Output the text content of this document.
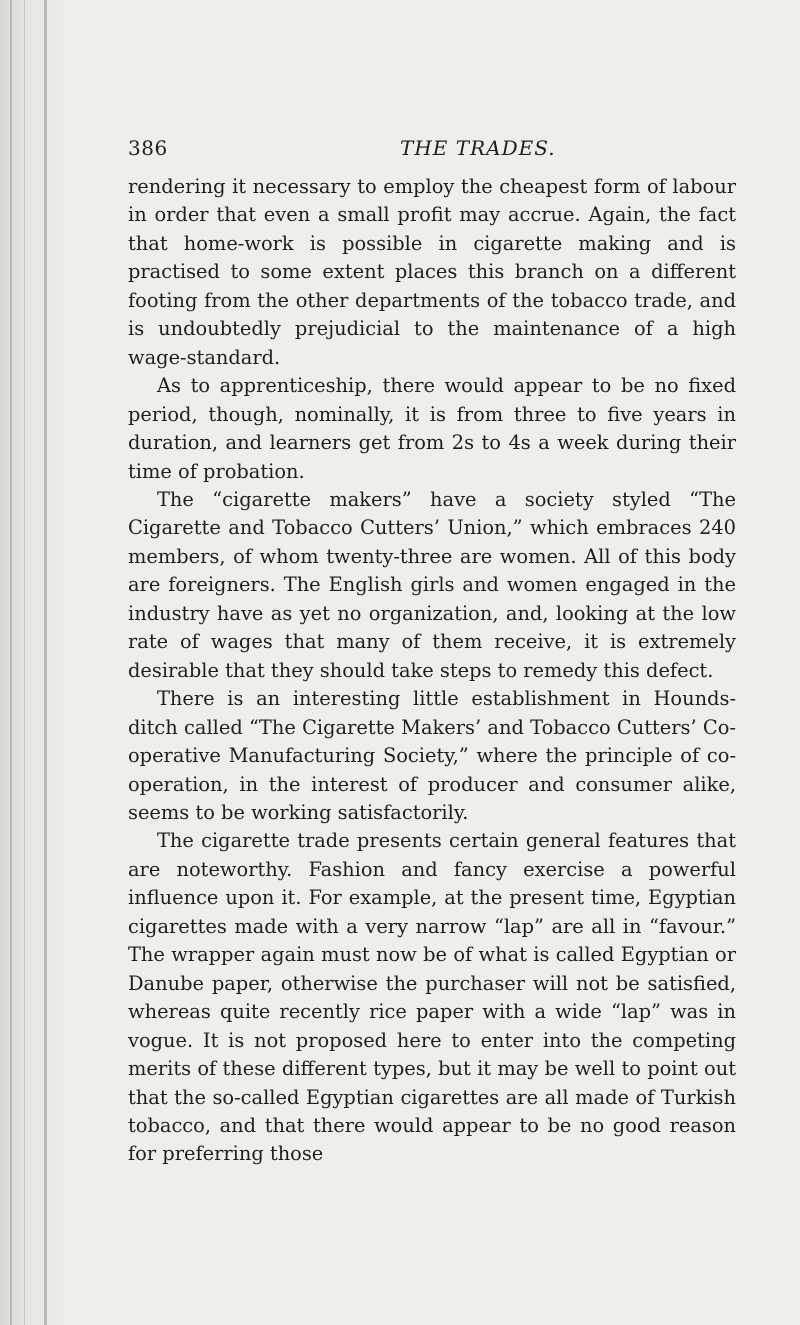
386	THE TRADES.

rendering it necessary to employ the cheapest form of labour in order that even a small profit may accrue. Again, the fact that home-work is possible in cigarette making and is practised to some extent places this branch on a different footing from the other departments of the tobacco trade, and is undoubtedly prejudicial to the maintenance of a high wage-standard.

As to apprenticeship, there would appear to be no fixed period, though, nominally, it is from three to five years in duration, and learners get from 2s to 4s a week during their time of probation.

The “cigarette makers” have a society styled “The Cigarette and Tobacco Cutters’ Union,” which embraces 240 members, of whom twenty-three are women. All of this body are foreigners. The English girls and women engaged in the industry have as yet no organization, and, looking at the low rate of wages that many of them receive, it is extremely desirable that they should take steps to remedy this defect.

There is an interesting little establishment in Hounds-ditch called “The Cigarette Makers’ and Tobacco Cutters’ Co-operative Manufacturing Society,” where the principle of co-operation, in the interest of producer and consumer alike, seems to be working satisfactorily.

The cigarette trade presents certain general features that are noteworthy. Fashion and fancy exercise a powerful influence upon it. For example, at the present time, Egyptian cigarettes made with a very narrow “lap” are all in “favour.” The wrapper again must now be of what is called Egyptian or Danube paper, otherwise the purchaser will not be satisfied, whereas quite recently rice paper with a wide “lap” was in vogue. It is not proposed here to enter into the competing merits of these different types, but it may be well to point out that the so-called Egyptian cigarettes are all made of Turkish tobacco, and that there would appear to be no good reason for preferring those
